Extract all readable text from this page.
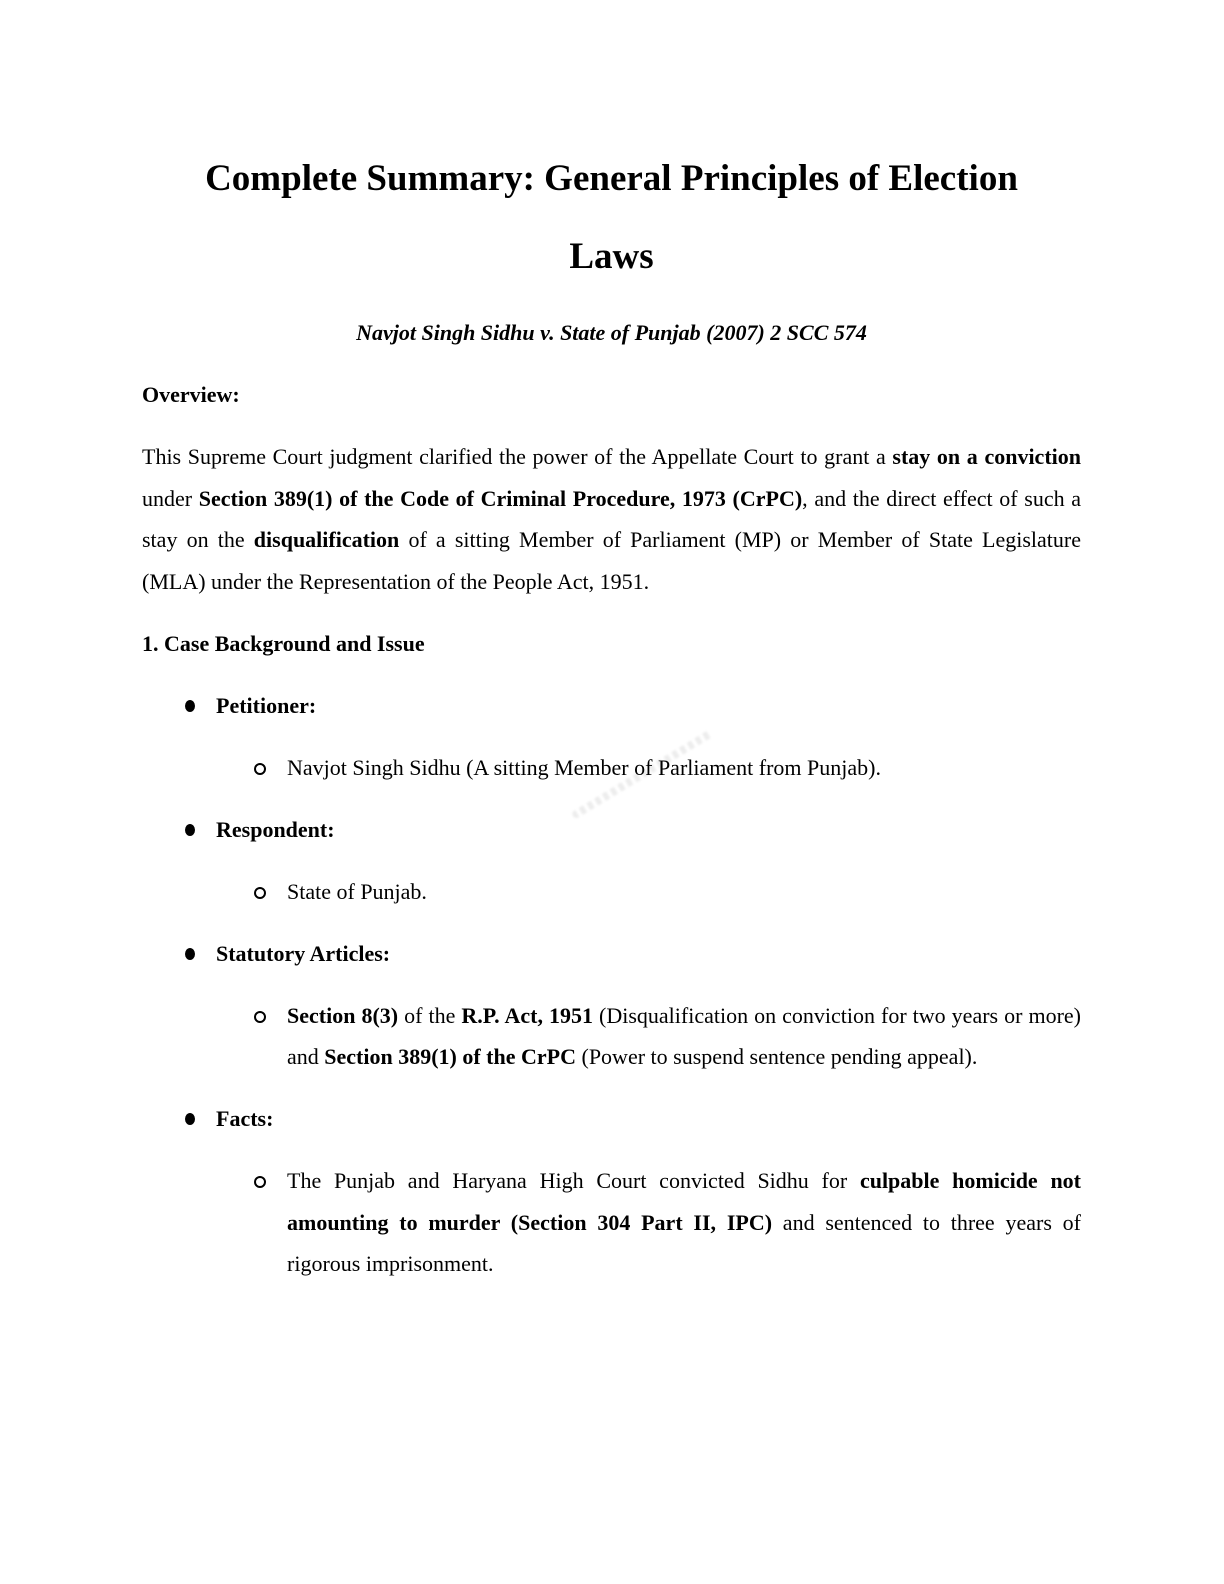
Complete Summary: General Principles of Election
Laws

Navjot Singh Sidhu v. State of Punjab (2007) 2 SCC 574

Overview:

This Supreme Court judgment clarified the power of the Appellate Court to grant a stay on a conviction under Section 389(1) of the Code of Criminal Procedure, 1973 (CrPC), and the direct effect of such a stay on the disqualification of a sitting Member of Parliament (MP) or Member of State Legislature (MLA) under the Representation of the People Act, 1951.

1. Case Background and Issue

Petitioner:
Navjot Singh Sidhu (A sitting Member of Parliament from Punjab).
Respondent:
State of Punjab.
Statutory Articles:
Section 8(3) of the R.P. Act, 1951 (Disqualification on conviction for two years or more) and Section 389(1) of the CrPC (Power to suspend sentence pending appeal).
Facts:
The Punjab and Haryana High Court convicted Sidhu for culpable homicide not amounting to murder (Section 304 Part II, IPC) and sentenced to three years of rigorous imprisonment.
